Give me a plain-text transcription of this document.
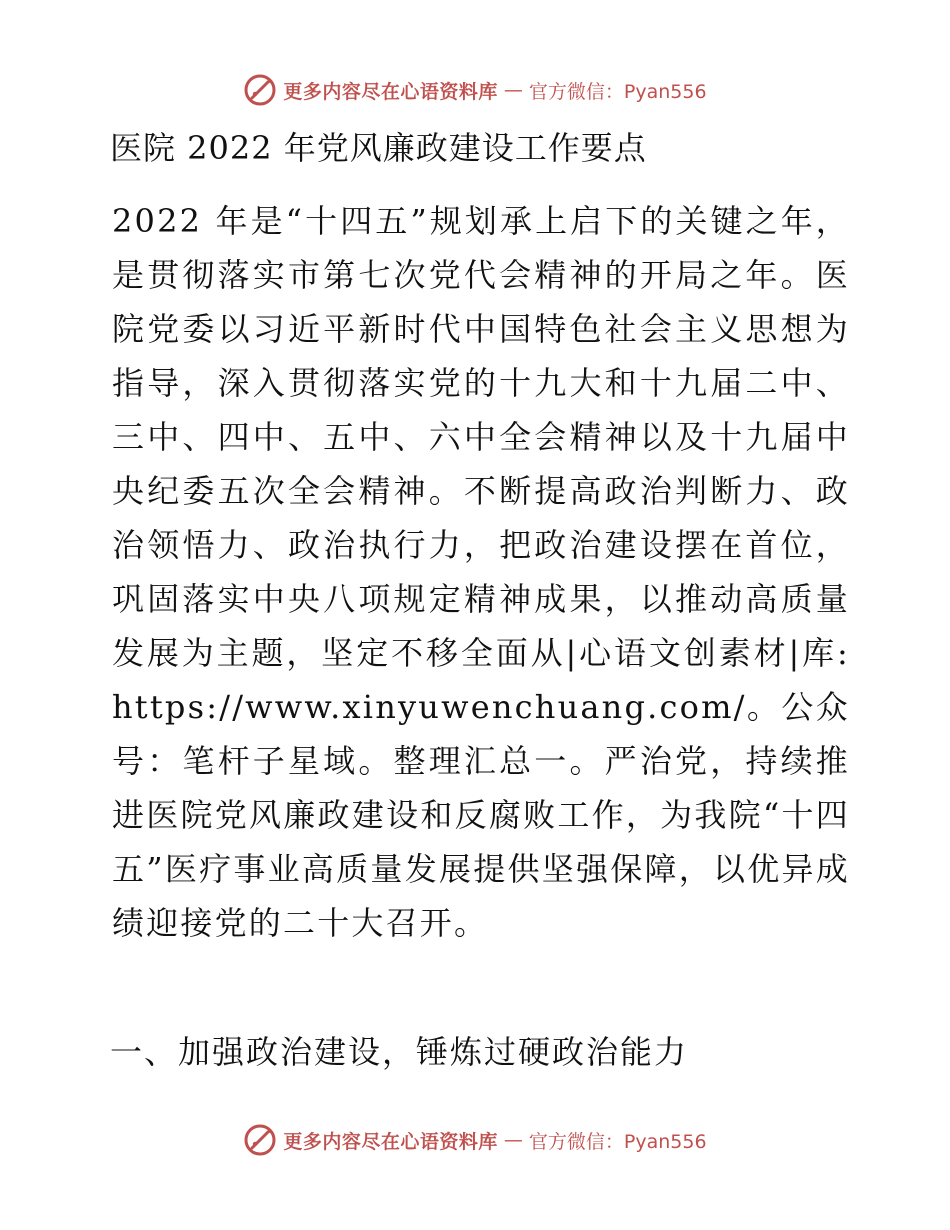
更多内容尽在心语资料库 — 官方微信：Pyan556
医院 2022 年党风廉政建设工作要点
2022 年是“十四五”规划承上启下的关键之年，是贯彻落实市第七次党代会精神的开局之年。医院党委以习近平新时代中国特色社会主义思想为指导，深入贯彻落实党的十九大和十九届二中、三中、四中、五中、六中全会精神以及十九届中央纪委五次全会精神。不断提高政治判断力、政治领悟力、政治执行力，把政治建设摆在首位，巩固落实中央八项规定精神成果，以推动高质量发展为主题，坚定不移全面从|心语文创素材|库:https://www.xinyuwenchuang.com/。公众号：笔杆子星域。整理汇总一。严治党，持续推进医院党风廉政建设和反腐败工作，为我院“十四五”医疗事业高质量发展提供坚强保障，以优异成绩迎接党的二十大召开。
一、加强政治建设，锤炼过硬政治能力
更多内容尽在心语资料库 — 官方微信：Pyan556
